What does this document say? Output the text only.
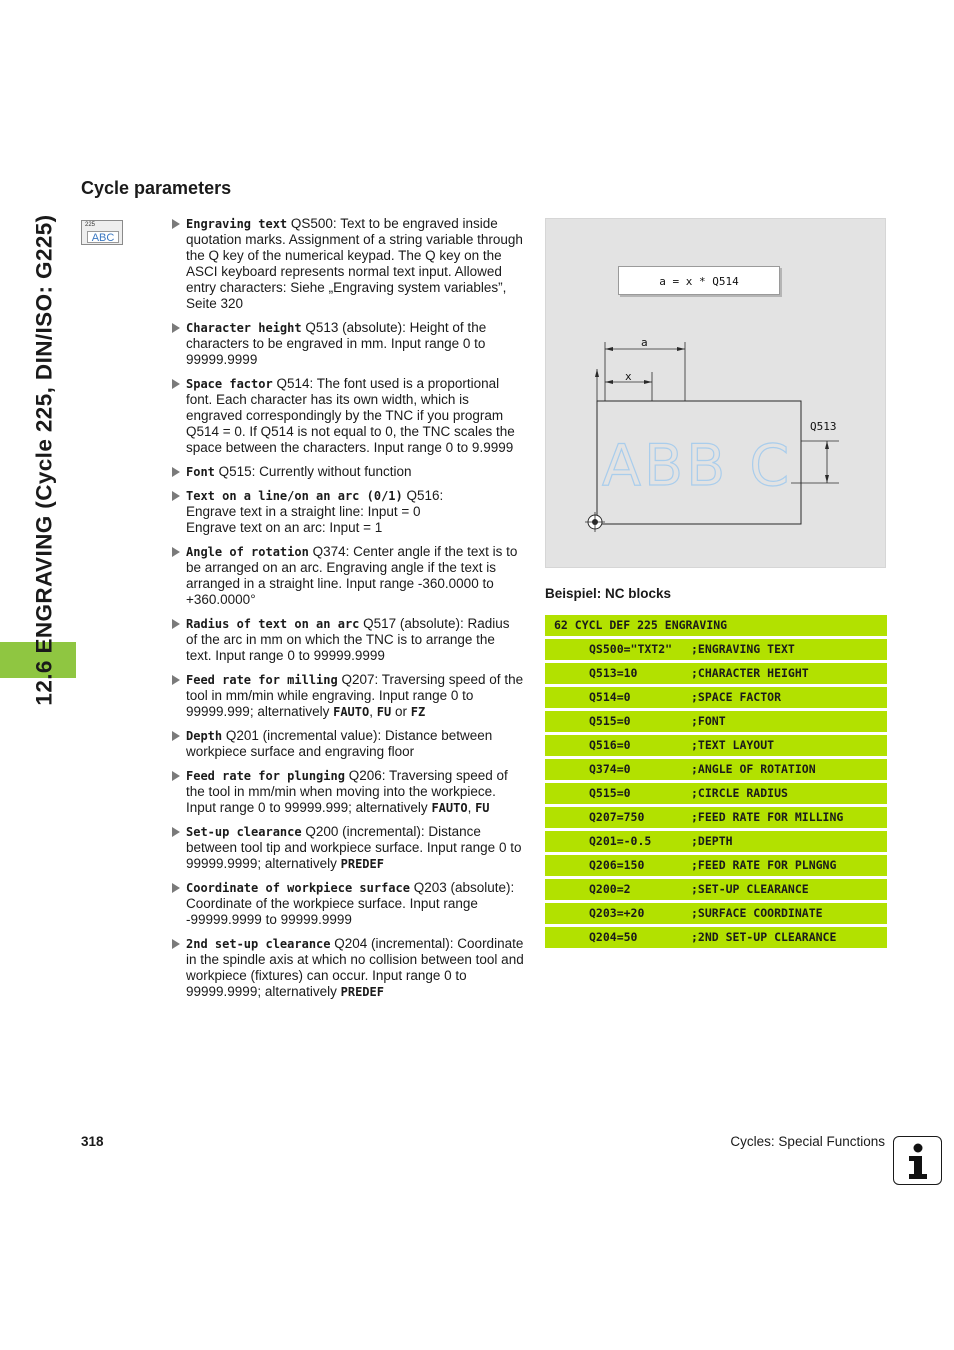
12.6 ENGRAVING (Cycle 225, DIN/ISO: G225)
Cycle parameters
225
ABC
Engraving text QS500: Text to be engraved inside quotation marks. Assignment of a string variable through the Q key of the numerical keypad. The Q key on the ASCI keyboard represents normal text input. Allowed entry characters: Siehe „Engraving system variables”, Seite 320
Character height Q513 (absolute): Height of the characters to be engraved in mm. Input range 0 to 99999.9999
Space factor Q514: The font used is a proportional font. Each character has its own width, which is engraved correspondingly by the TNC if you program Q514 = 0. If Q514 is not equal to 0, the TNC scales the space between the characters. Input range 0 to 9.9999
Font Q515: Currently without function
Text on a line/on an arc (0/1) Q516:
Engrave text in a straight line: Input = 0
Engrave text on an arc: Input = 1
Angle of rotation Q374: Center angle if the text is to be arranged on an arc. Engraving angle if the text is arranged in a straight line. Input range -360.0000 to +360.0000°
Radius of text on an arc Q517 (absolute): Radius of the arc in mm on which the TNC is to arrange the text. Input range 0 to 99999.9999
Feed rate for milling Q207: Traversing speed of the tool in mm/min while engraving. Input range 0 to 99999.999; alternatively FAUTO, FU or FZ
Depth Q201 (incremental value): Distance between workpiece surface and engraving floor
Feed rate for plunging Q206: Traversing speed of the tool in mm/min when moving into the workpiece. Input range 0 to 99999.999; alternatively FAUTO, FU
Set-up clearance Q200 (incremental): Distance between tool tip and workpiece surface. Input range 0 to 99999.9999; alternatively PREDEF
Coordinate of workpiece surface Q203 (absolute): Coordinate of the workpiece surface. Input range -99999.9999 to 99999.9999
2nd set-up clearance Q204 (incremental): Coordinate in the spindle axis at which no collision between tool and workpiece (fixtures) can occur. Input range 0 to 99999.9999; alternatively PREDEF
a
x
Q513
ABB C
a = x * Q514
Beispiel: NC blocks
62 CYCL DEF 225 ENGRAVING
QS500="TXT2" ;ENGRAVING TEXT
Q513=10	;CHARACTER HEIGHT
Q514=0	;SPACE FACTOR
Q515=0	;FONT
Q516=0	;TEXT LAYOUT
Q374=0	;ANGLE OF ROTATION
Q515=0	;CIRCLE RADIUS
Q207=750	;FEED RATE FOR MILLING
Q201=-0.5	;DEPTH
Q206=150	;FEED RATE FOR PLNGNG
Q200=2	;SET-UP CLEARANCE
Q203=+20	;SURFACE COORDINATE
Q204=50	;2ND SET-UP CLEARANCE
318	Cycles: Special Functions
